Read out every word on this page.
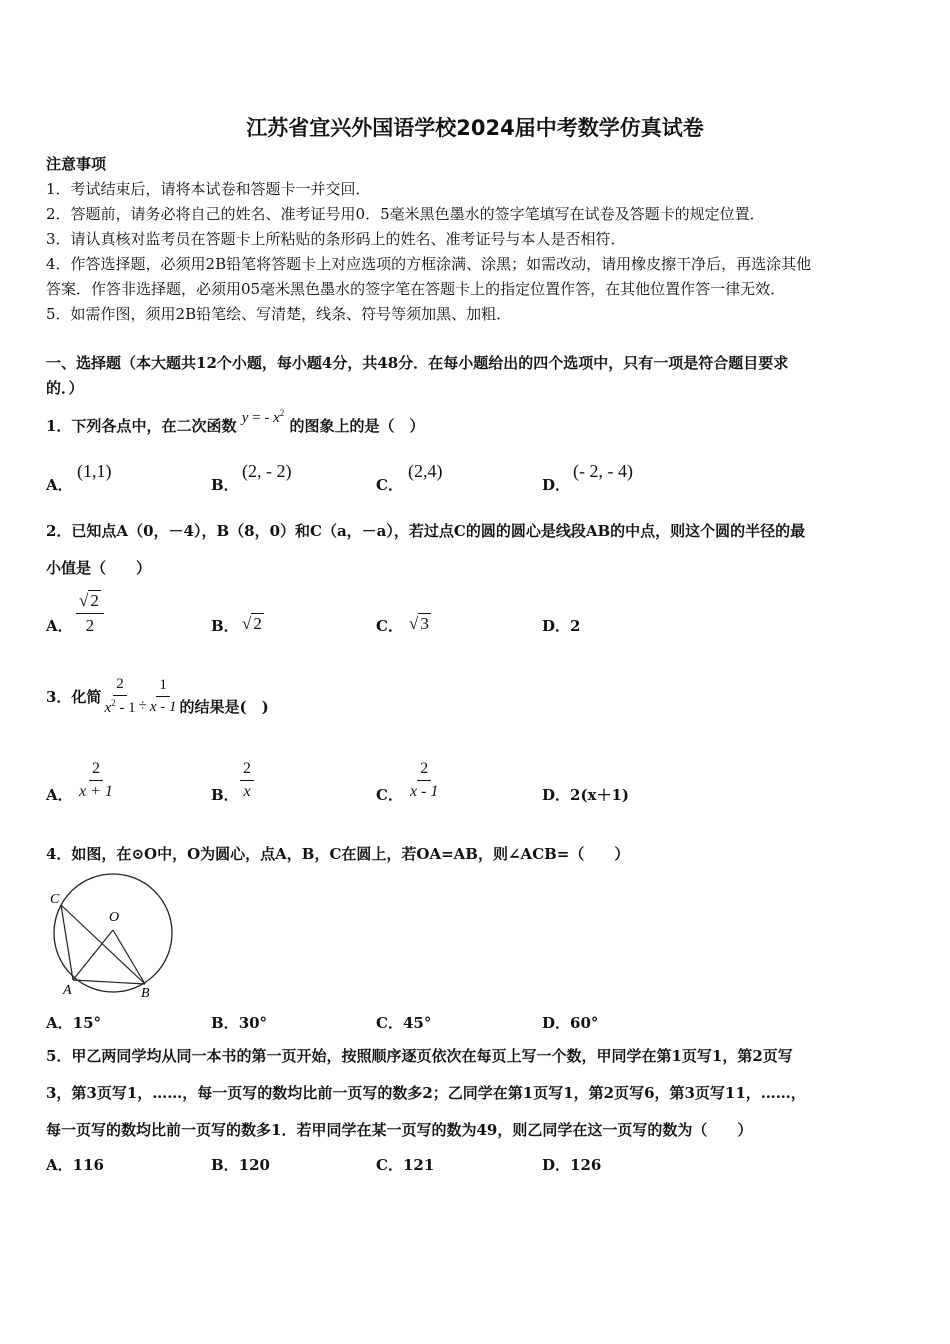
江苏省宜兴外国语学校2024届中考数学仿真试卷
注意事项
1．考试结束后，请将本试卷和答题卡一并交回．
2．答题前，请务必将自己的姓名、准考证号用0．5毫米黑色墨水的签字笔填写在试卷及答题卡的规定位置．
3．请认真核对监考员在答题卡上所粘贴的条形码上的姓名、准考证号与本人是否相符．
4．作答选择题，必须用2B铅笔将答题卡上对应选项的方框涂满、涂黑；如需改动，请用橡皮擦干净后，再选涂其他
答案．作答非选择题，必须用05毫米黑色墨水的签字笔在答题卡上的指定位置作答，在其他位置作答一律无效．
5．如需作图，须用2B铅笔绘、写清楚，线条、符号等须加黑、加粗．
一、选择题（本大题共12个小题，每小题4分，共48分．在每小题给出的四个选项中，只有一项是符合题目要求
的．）
1．下列各点中，在二次函数 y = - $x^2$ 的图象上的是（　）
A．
(1,1)
B．
(2, - 2)
C．
(2,4)
D．
(- 2, - 4)
2．已知点A（0，－4），B（8，0）和C（a，－a），若过点C的圆的圆心是线段AB的中点，则这个圆的半径的最
小值是（　　）
A． $\frac{√ 2}{2}$	B． √ 2	C． √ 3	D．2
3．化简 $\frac{2}{x^2 - 1} \div \frac{1}{x - 1}$ 的结果是(　)
A． $\frac{2}{x + 1}$	B． $\frac{2}{x}$	C． $\frac{2}{x - 1}$	D．2(x＋1)
4．如图，在⊙O中，O为圆心，点A，B，C在圆上，若OA=AB，则∠ACB=（　　）
C
O
A	B
A．15°	B．30°	C．45°	D．60°
5．甲乙两同学均从同一本书的第一页开始，按照顺序逐页依次在每页上写一个数，甲同学在第1页写1，第2页写
3，第3页写1，……，每一页写的数均比前一页写的数多2；乙同学在第1页写1，第2页写6，第3页写11，……，
每一页写的数均比前一页写的数多1．若甲同学在某一页写的数为49，则乙同学在这一页写的数为（　　）
A．116	B．120	C．121	D．126
